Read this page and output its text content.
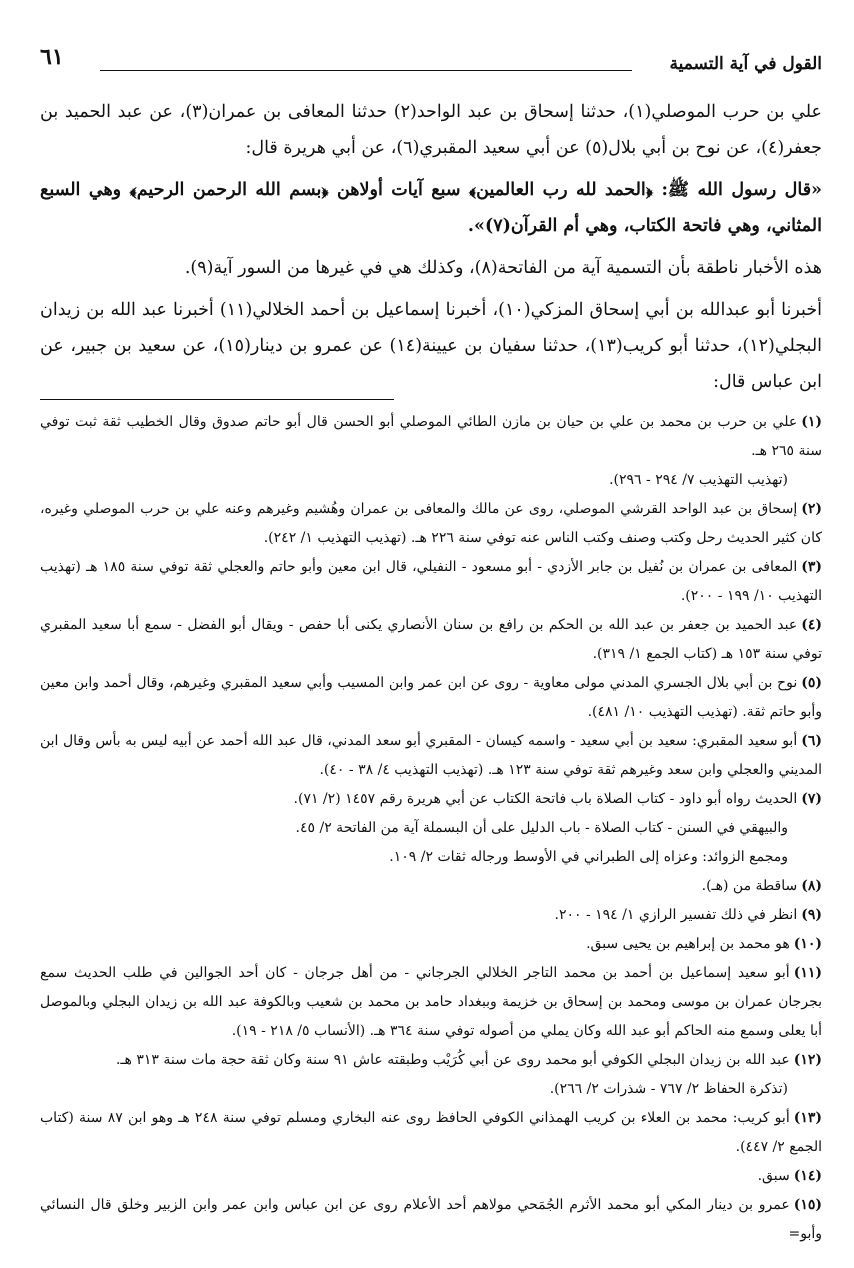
القول في آية التسمية
٦١

علي بن حرب الموصلي(١)، حدثنا إسحاق بن عبد الواحد(٢) حدثنا المعافى بن عمران(٣)، عن عبد الحميد بن جعفر(٤)، عن نوح بن أبي بلال(٥) عن أبي سعيد المقبري(٦)، عن أبي هريرة قال:

«قال رسول الله ﷺ: ﴿الحمد لله رب العالمين﴾ سبع آيات أولاهن ﴿بسم الله الرحمن الرحيم﴾ وهي السبع المثاني، وهي فاتحة الكتاب، وهي أم القرآن(٧)».

هذه الأخبار ناطقة بأن التسمية آية من الفاتحة(٨)، وكذلك هي في غيرها من السور آية(٩).

أخبرنا أبو عبدالله بن أبي إسحاق المزكي(١٠)، أخبرنا إسماعيل بن أحمد الخلالي(١١) أخبرنا عبد الله بن زيدان البجلي(١٢)، حدثنا أبو كريب(١٣)، حدثنا سفيان بن عيينة(١٤) عن عمرو بن دينار(١٥)، عن سعيد بن جبير، عن ابن عباس قال:

(١)علي بن حرب بن محمد بن علي بن حيان بن مازن الطائي الموصلي أبو الحسن قال أبو حاتم صدوق وقال الخطيب ثقة ثبت توفي سنة ٢٦٥ هـ.
(تهذيب التهذيب ٧/ ٢٩٤ - ٢٩٦).
(٢)إسحاق بن عبد الواحد القرشي الموصلي، روى عن مالك والمعافى بن عمران وهُشيم وغيرهم وعنه علي بن حرب الموصلي وغيره، كان كثير الحديث رحل وكتب وصنف وكتب الناس عنه توفي سنة ٢٢٦ هـ. (تهذيب التهذيب ١/ ٢٤٢).
(٣)المعافى بن عمران بن نُفيل بن جابر الأزدي - أبو مسعود - النفيلي، قال ابن معين وأبو حاتم والعجلي ثقة توفي سنة ١٨٥ هـ (تهذيب التهذيب ١٠/ ١٩٩ - ٢٠٠).
(٤)عبد الحميد بن جعفر بن عبد الله بن الحكم بن رافع بن سنان الأنصاري يكنى أبا حفص - ويقال أبو الفضل - سمع أبا سعيد المقبري توفي سنة ١٥٣ هـ (كتاب الجمع ١/ ٣١٩).
(٥)نوح بن أبي بلال الجسري المدني مولى معاوية - روى عن ابن عمر وابن المسيب وأبي سعيد المقبري وغيرهم، وقال أحمد وابن معين وأبو حاتم ثقة. (تهذيب التهذيب ١٠/ ٤٨١).
(٦)أبو سعيد المقبري: سعيد بن أبي سعيد - واسمه كيسان - المقبري أبو سعد المدني، قال عبد الله أحمد عن أبيه ليس به بأس وقال ابن المديني والعجلي وابن سعد وغيرهم ثقة توفي سنة ١٢٣ هـ. (تهذيب التهذيب ٤/ ٣٨ - ٤٠).
(٧)الحديث رواه أبو داود - كتاب الصلاة باب فاتحة الكتاب عن أبي هريرة رقم ١٤٥٧ (٢/ ٧١).
والبيهقي في السنن - كتاب الصلاة - باب الدليل على أن البسملة آية من الفاتحة ٢/ ٤٥.
ومجمع الزوائد: وعزاه إلى الطبراني في الأوسط ورجاله ثقات ٢/ ١٠٩.
(٨)ساقطة من (هـ).
(٩)انظر في ذلك تفسير الرازي ١/ ١٩٤ - ٢٠٠.
(١٠)هو محمد بن إبراهيم بن يحيى سبق.
(١١)أبو سعيد إسماعيل بن أحمد بن محمد التاجر الخلالي الجرجاني - من أهل جرجان - كان أحد الجوالين في طلب الحديث سمع بجرجان عمران بن موسى ومحمد بن إسحاق بن خزيمة وببغداد حامد بن محمد بن شعيب وبالكوفة عبد الله بن زيدان البجلي وبالموصل أبا يعلى وسمع منه الحاكم أبو عبد الله وكان يملي من أصوله توفي سنة ٣٦٤ هـ. (الأنساب ٥/ ٢١٨ - ١٩).
(١٢)عبد الله بن زيدان البجلي الكوفي أبو محمد روى عن أبي كُرَيْب وطبقته عاش ٩١ سنة وكان ثقة حجة مات سنة ٣١٣ هـ.
(تذكرة الحفاظ ٢/ ٧٦٧ - شذرات ٢/ ٢٦٦).
(١٣)أبو كريب: محمد بن العلاء بن كريب الهمذاني الكوفي الحافظ روى عنه البخاري ومسلم توفي سنة ٢٤٨ هـ وهو ابن ٨٧ سنة (كتاب الجمع ٢/ ٤٤٧).
(١٤)سبق.
(١٥)عمرو بن دينار المكي أبو محمد الأثرم الجُمَحي مولاهم أحد الأعلام روى عن ابن عباس وابن عمر وابن الزبير وخلق قال النسائي وأبو=
